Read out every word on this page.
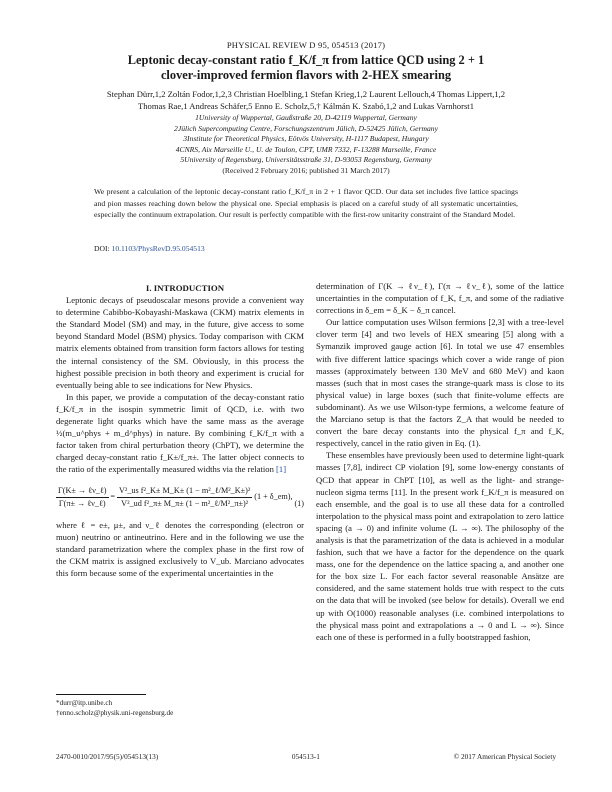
PHYSICAL REVIEW D 95, 054513 (2017)
Leptonic decay-constant ratio f_K/f_π from lattice QCD using 2 + 1
clover-improved fermion flavors with 2-HEX smearing
Stephan Dürr,1,2 Zoltán Fodor,1,2,3 Christian Hoelbling,1 Stefan Krieg,1,2 Laurent Lellouch,4 Thomas Lippert,1,2
Thomas Rae,1 Andreas Schäfer,5 Enno E. Scholz,5,† Kálmán K. Szabó,1,2 and Lukas Varnhorst1
1University of Wuppertal, Gaußstraße 20, D-42119 Wuppertal, Germany
2Jülich Supercomputing Centre, Forschungszentrum Jülich, D-52425 Jülich, Germany
3Institute for Theoretical Physics, Eötvös University, H-1117 Budapest, Hungary
4CNRS, Aix Marseille U., U. de Toulon, CPT, UMR 7332, F-13288 Marseille, France
5University of Regensburg, Universitätsstraße 31, D-93053 Regensburg, Germany
(Received 2 February 2016; published 31 March 2017)
We present a calculation of the leptonic decay-constant ratio f_K/f_π in 2 + 1 flavor QCD. Our data set includes five lattice spacings and pion masses reaching down below the physical one. Special emphasis is placed on a careful study of all systematic uncertainties, especially the continuum extrapolation. Our result is perfectly compatible with the first-row unitarity constraint of the Standard Model.
DOI: 10.1103/PhysRevD.95.054513

I. INTRODUCTION

Leptonic decays of pseudoscalar mesons provide a convenient way to determine Cabibbo-Kobayashi-Maskawa (CKM) matrix elements in the Standard Model (SM) and may, in the future, give access to some beyond Standard Model (BSM) physics. Today comparison with CKM matrix elements obtained from transition form factors allows for testing the internal consistency of the SM. Obviously, in this process the highest possible precision in both theory and experiment is crucial for eventually being able to see indications for New Physics.

In this paper, we provide a computation of the decay-constant ratio f_K/f_π in the isospin symmetric limit of QCD, i.e. with two degenerate light quarks which have the same mass as the average ½(m_u^phys + m_d^phys) in nature. By combining f_K/f_π with a factor taken from chiral perturbation theory (ChPT), we determine the charged decay-constant ratio f_K±/f_π±. The latter object connects to the ratio of the experimentally measured widths via the relation [1]

$\frac{\text{Γ(K± → ℓν\_ℓ)}}{\text{Γ(π± → ℓν\_ℓ)}} = \frac{\text{V²\_us f²\_K± M\_K± (1 − m²\_ℓ/M²\_K±)²}}{\text{V²\_ud f²\_π± M\_π± (1 − m²\_ℓ/M²\_π±)²}} (1$ + δ_em),
(1)

where ℓ = e±, μ±, and ν_ℓ denotes the corresponding (electron or muon) neutrino or antineutrino. Here and in the following we use the standard parametrization where the complex phase in the first row of the CKM matrix is assigned exclusively to V_ub. Marciano advocates this form because some of the experimental uncertainties in the

*durr@itp.unibe.ch
†enno.scholz@physik.uni-regensburg.de

determination of Γ(K → ℓν_ℓ), Γ(π → ℓν_ℓ), some of the lattice uncertainties in the computation of f_K, f_π, and some of the radiative corrections in δ_em = δ_K − δ_π cancel.

Our lattice computation uses Wilson fermions [2,3] with a tree-level clover term [4] and two levels of HEX smearing [5] along with a Symanzik improved gauge action [6]. In total we use 47 ensembles with five different lattice spacings which cover a wide range of pion masses (approximately between 130 MeV and 680 MeV) and kaon masses (such that in most cases the strange-quark mass is close to its physical value) in large boxes (such that finite-volume effects are subdominant). As we use Wilson-type fermions, a welcome feature of the Marciano setup is that the factors Z_A that would be needed to convert the bare decay constants into the physical f_π and f_K, respectively, cancel in the ratio given in Eq. (1).

These ensembles have previously been used to determine light-quark masses [7,8], indirect CP violation [9], some low-energy constants of QCD that appear in ChPT [10], as well as the light- and strange-nucleon sigma terms [11]. In the present work f_K/f_π is measured on each ensemble, and the goal is to use all these data for a controlled interpolation to the physical mass point and extrapolation to zero lattice spacing (a → 0) and infinite volume (L → ∞). The philosophy of the analysis is that the parametrization of the data is achieved in a modular fashion, such that we have a factor for the dependence on the quark mass, one for the dependence on the lattice spacing a, and another one for the box size L. For each factor several reasonable Ansätze are considered, and the same statement holds true with respect to the cuts on the data that will be invoked (see below for details). Overall we end up with O(1000) reasonable analyses (i.e. combined interpolations to the physical mass point and extrapolations a → 0 and L → ∞). Since each one of these is performed in a fully bootstrapped fashion,

2470-0010/2017/95(5)/054513(13)	054513-1	© 2017 American Physical Society
